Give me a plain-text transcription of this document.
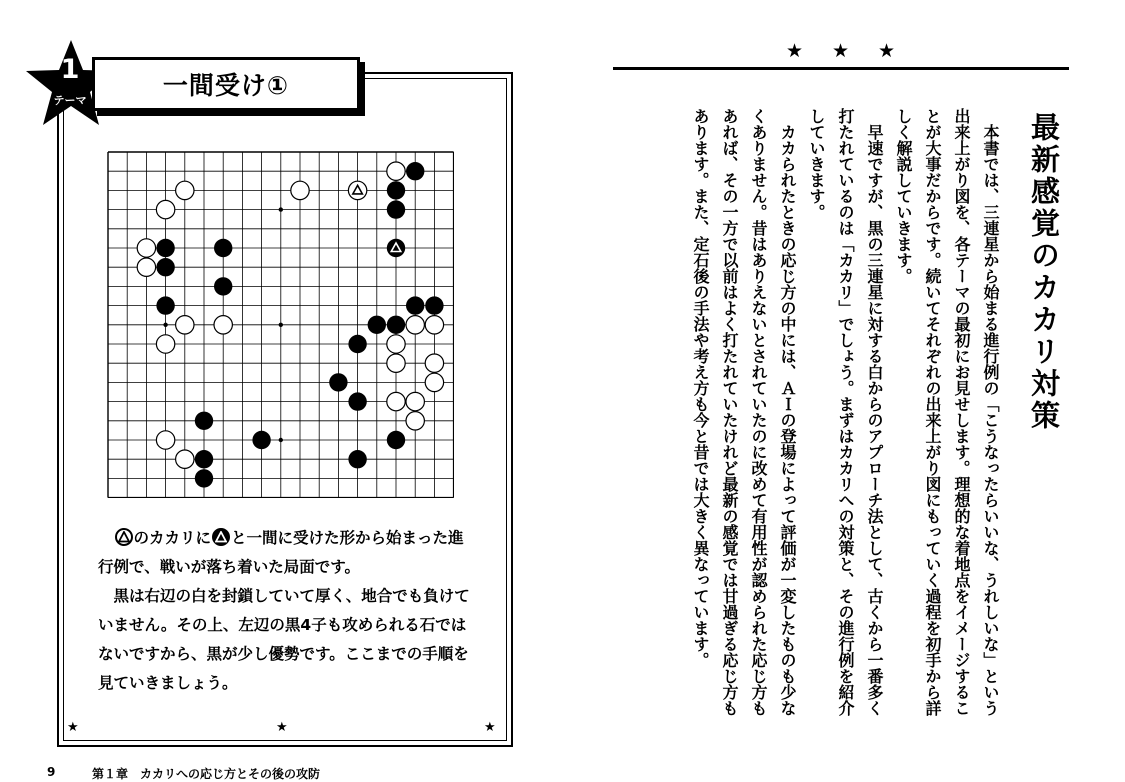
1
テーマ
一間受け①

のカカリに と一間に受けた形から始まった進行例で、戦いが落ち着いた局面です。

黒は右辺の白を封鎖していて厚く、地合でも負けていません。その上、左辺の黒4子も攻められる石ではないですから、黒が少し優勢です。ここまでの手順を見ていきましょう。

★	★	★
9	第１章　カカリへの応じ方とその後の攻防
★ ★ ★
最新感覚のカカリ対策

本書では、三連星から始まる進行例の「こうなったらいいな、うれしいな」という出来上がり図を、各テーマの最初にお見せします。理想的な着地点をイメージすることが大事だからです。続いてそれぞれの出来上がり図にもっていく過程を初手から詳しく解説していきます。

早速ですが、黒の三連星に対する白からのアプローチ法として、古くから一番多く打たれているのは「カカリ」でしょう。まずはカカリへの対策と、その進行例を紹介していきます。

カカられたときの応じ方の中には、ＡＩの登場によって評価が一変したものも少なくありません。昔はありえないとされていたのに改めて有用性が認められた応じ方もあれば、その一方で以前はよく打たれていたけれど最新の感覚では甘過ぎる応じ方もあります。また、定石後の手法や考え方も今と昔では大きく異なっています。
